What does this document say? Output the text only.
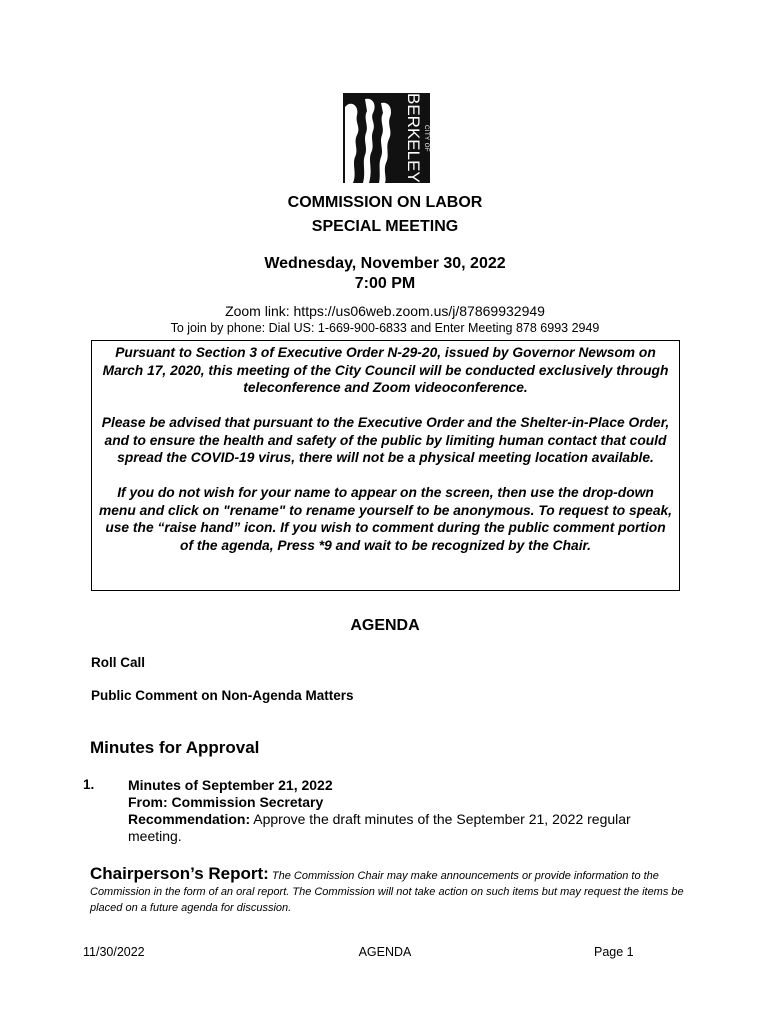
CITY OF
BERKELEY
COMMISSION ON LABOR
SPECIAL MEETING
Wednesday, November 30, 2022
7:00 PM
Zoom link: https://us06web.zoom.us/j/87869932949
To join by phone: Dial US: 1-669-900-6833 and Enter Meeting 878 6993 2949

Pursuant to Section 3 of Executive Order N-29-20, issued by Governor Newsom on March 17, 2020, this meeting of the City Council will be conducted exclusively through teleconference and Zoom videoconference.

Please be advised that pursuant to the Executive Order and the Shelter-in-Place Order, and to ensure the health and safety of the public by limiting human contact that could spread the COVID-19 virus, there will not be a physical meeting location available.

If you do not wish for your name to appear on the screen, then use the drop-down menu and click on "rename" to rename yourself to be anonymous. To request to speak, use the “raise hand” icon. If you wish to comment during the public comment portion of the agenda, Press *9 and wait to be recognized by the Chair.

AGENDA
Roll Call
Public Comment on Non-Agenda Matters
Minutes for Approval
1. Minutes of September 21, 2022
From: Commission Secretary
Recommendation: Approve the draft minutes of the September 21, 2022 regular meeting.
Chairperson’s Report: The Commission Chair may make announcements or provide information to the Commission in the form of an oral report. The Commission will not take action on such items but may request the items be placed on a future agenda for discussion.
11/30/2022	AGENDA	Page 1
